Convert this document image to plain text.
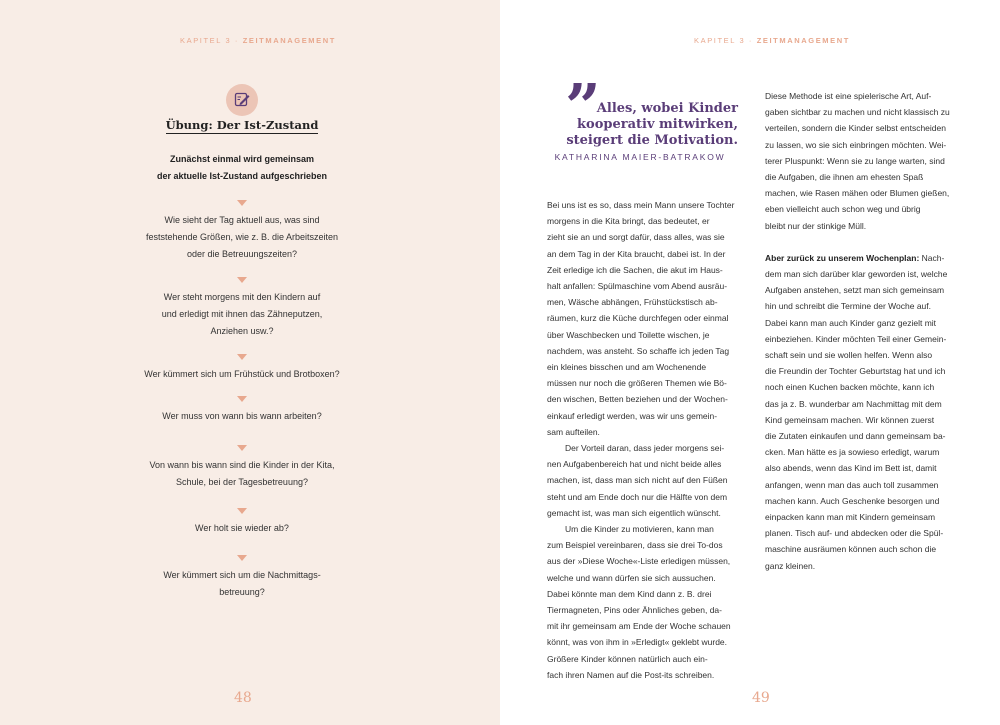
KAPITEL 3 · ZEITMANAGEMENT
Übung: Der Ist-Zustand
Zunächst einmal wird gemeinsam
der aktuelle Ist-Zustand aufgeschrieben
Wie sieht der Tag aktuell aus, was sind
feststehende Größen, wie z. B. die Arbeitszeiten
oder die Betreuungszeiten?
Wer steht morgens mit den Kindern auf
und erledigt mit ihnen das Zähneputzen,
Anziehen usw.?
Wer kümmert sich um Frühstück und Brotboxen?
Wer muss von wann bis wann arbeiten?
Von wann bis wann sind die Kinder in der Kita,
Schule, bei der Tagesbetreuung?
Wer holt sie wieder ab?
Wer kümmert sich um die Nachmittags-
betreuung?
48
KAPITEL 3 · ZEITMANAGEMENT
” Alles, wobei Kinder
kooperativ mitwirken,
steigert die Motivation.
KATHARINA MAIER-BATRAKOW

Bei uns ist es so, dass mein Mann unsere Tochter
morgens in die Kita bringt, das bedeutet, er
zieht sie an und sorgt dafür, dass alles, was sie
an dem Tag in der Kita braucht, dabei ist. In der
Zeit erledige ich die Sachen, die akut im Haus-
halt anfallen: Spülmaschine vom Abend ausräu-
men, Wäsche abhängen, Frühstückstisch ab-
räumen, kurz die Küche durchfegen oder einmal
über Waschbecken und Toilette wischen, je
nachdem, was ansteht. So schaffe ich jeden Tag
ein kleines bisschen und am Wochenende
müssen nur noch die größeren Themen wie Bö-
den wischen, Betten beziehen und der Wochen-
einkauf erledigt werden, was wir uns gemein-
sam aufteilen.

Der Vorteil daran, dass jeder morgens sei-
nen Aufgabenbereich hat und nicht beide alles
machen, ist, dass man sich nicht auf den Füßen
steht und am Ende doch nur die Hälfte von dem
gemacht ist, was man sich eigentlich wünscht.

Um die Kinder zu motivieren, kann man
zum Beispiel vereinbaren, dass sie drei To-dos
aus der »Diese Woche«-Liste erledigen müssen,
welche und wann dürfen sie sich aussuchen.
Dabei könnte man dem Kind dann z. B. drei
Tiermagneten, Pins oder Ähnliches geben, da-
mit ihr gemeinsam am Ende der Woche schauen
könnt, was von ihm in »Erledigt« geklebt wurde.
Größere Kinder können natürlich auch ein-
fach ihren Namen auf die Post-its schreiben.

Diese Methode ist eine spielerische Art, Auf-
gaben sichtbar zu machen und nicht klassisch zu
verteilen, sondern die Kinder selbst entscheiden
zu lassen, wo sie sich einbringen möchten. Wei-
terer Pluspunkt: Wenn sie zu lange warten, sind
die Aufgaben, die ihnen am ehesten Spaß
machen, wie Rasen mähen oder Blumen gießen,
eben vielleicht auch schon weg und übrig
bleibt nur der stinkige Müll.

Aber zurück zu unserem Wochenplan: Nach-
dem man sich darüber klar geworden ist, welche
Aufgaben anstehen, setzt man sich gemeinsam
hin und schreibt die Termine der Woche auf.
Dabei kann man auch Kinder ganz gezielt mit
einbeziehen. Kinder möchten Teil einer Gemein-
schaft sein und sie wollen helfen. Wenn also
die Freundin der Tochter Geburtstag hat und ich
noch einen Kuchen backen möchte, kann ich
das ja z. B. wunderbar am Nachmittag mit dem
Kind gemeinsam machen. Wir können zuerst
die Zutaten einkaufen und dann gemeinsam ba-
cken. Man hätte es ja sowieso erledigt, warum
also abends, wenn das Kind im Bett ist, damit
anfangen, wenn man das auch toll zusammen
machen kann. Auch Geschenke besorgen und
einpacken kann man mit Kindern gemeinsam
planen. Tisch auf- und abdecken oder die Spül-
maschine ausräumen können auch schon die
ganz kleinen.

49
